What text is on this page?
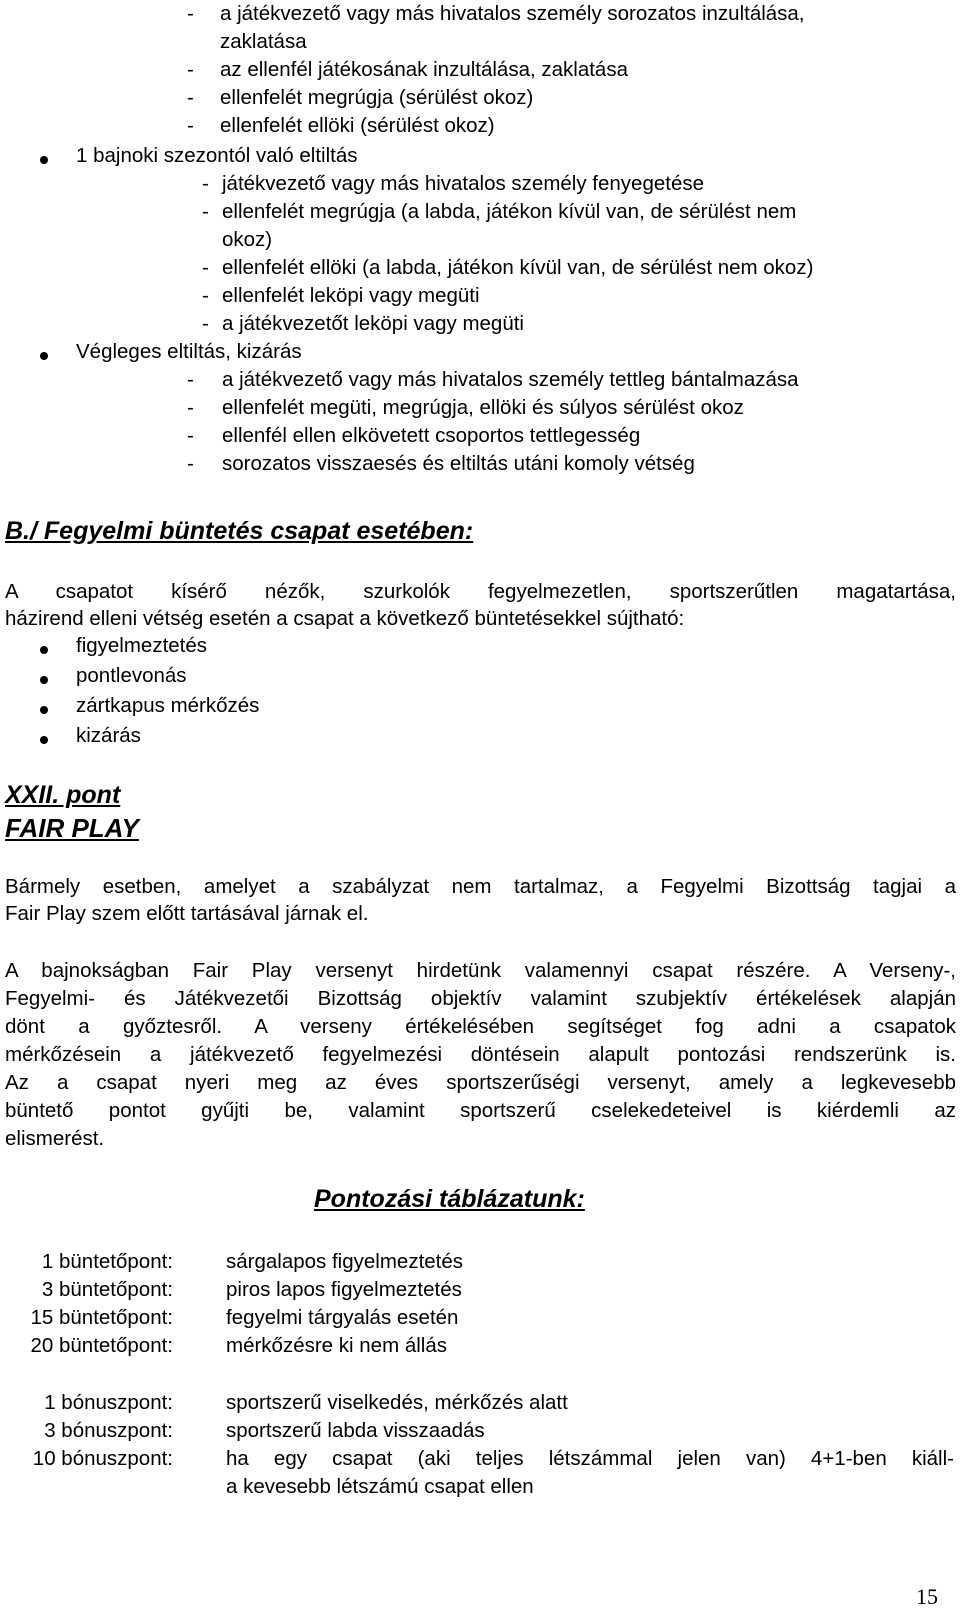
- a játékvezető vagy más hivatalos személy sorozatos inzultálása,
zaklatása
- az ellenfél játékosának inzultálása, zaklatása
- ellenfelét megrúgja (sérülést okoz)
- ellenfelét ellöki (sérülést okoz)
1 bajnoki szezontól való eltiltás
- játékvezető vagy más hivatalos személy fenyegetése
- ellenfelét megrúgja (a labda, játékon kívül van, de sérülést nem
okoz)
- ellenfelét ellöki (a labda, játékon kívül van, de sérülést nem okoz)
- ellenfelét leköpi vagy megüti
- a játékvezetőt leköpi vagy megüti
Végleges eltiltás, kizárás
- a játékvezető vagy más hivatalos személy tettleg bántalmazása
- ellenfelét megüti, megrúgja, ellöki és súlyos sérülést okoz
- ellenfél ellen elkövetett csoportos tettlegesség
- sorozatos visszaesés és eltiltás utáni komoly vétség
B./ Fegyelmi büntetés csapat esetében:
A csapatot kísérő nézők, szurkolók fegyelmezetlen, sportszerűtlen magatartása,
házirend elleni vétség esetén a csapat a következő büntetésekkel sújtható:
figyelmeztetés
pontlevonás
zártkapus mérkőzés
kizárás
XXII. pont
FAIR PLAY
Bármely esetben, amelyet a szabályzat nem tartalmaz, a Fegyelmi Bizottság tagjai a
Fair Play szem előtt tartásával járnak el.
A bajnokságban Fair Play versenyt hirdetünk valamennyi csapat részére. A Verseny-,
Fegyelmi- és Játékvezetői Bizottság objektív valamint szubjektív értékelések alapján
dönt a győztesről. A verseny értékelésében segítséget fog adni a csapatok
mérkőzésein a játékvezető fegyelmezési döntésein alapult pontozási rendszerünk is.
Az a csapat nyeri meg az éves sportszerűségi versenyt, amely a legkevesebb
büntető pontot gyűjti be, valamint sportszerű cselekedeteivel is kiérdemli az
elismerést.
Pontozási táblázatunk:
1 büntetőpont:	sárgalapos figyelmeztetés
3 büntetőpont:	piros lapos figyelmeztetés
15 büntetőpont:	fegyelmi tárgyalás esetén
20 büntetőpont:	mérkőzésre ki nem állás
1 bónuszpont:	sportszerű viselkedés, mérkőzés alatt
3 bónuszpont:	sportszerű labda visszaadás
10 bónuszpont:	ha egy csapat (aki teljes létszámmal jelen van) 4+1-ben kiáll-
a kevesebb létszámú csapat ellen
15
